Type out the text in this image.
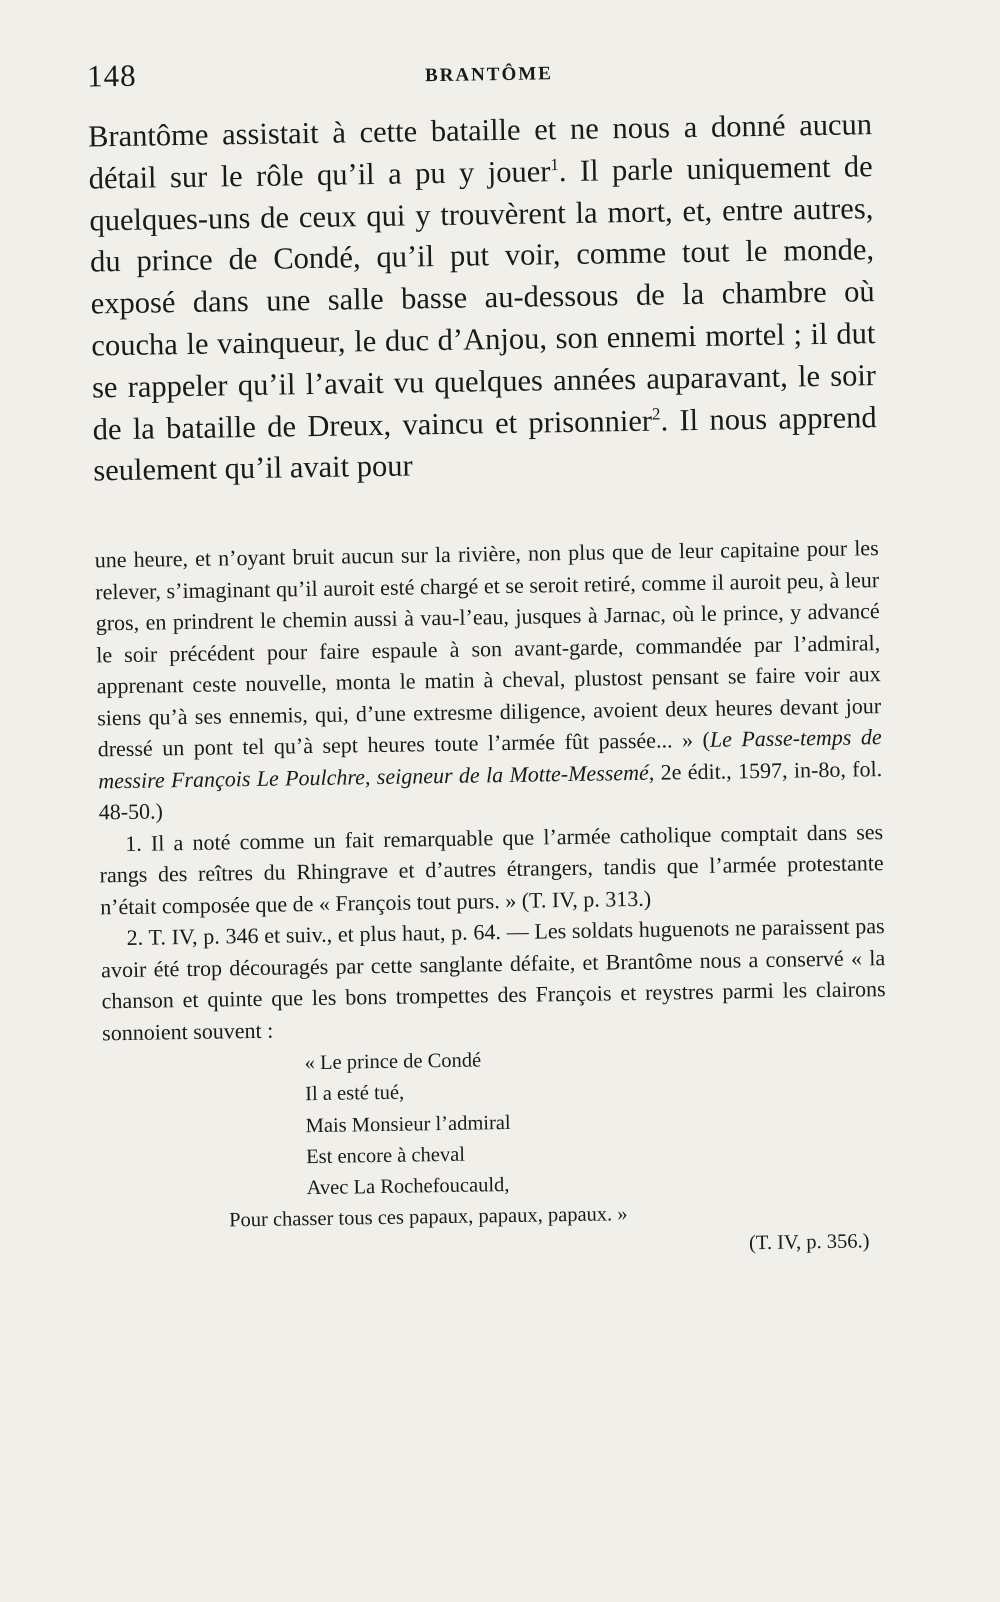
148	BRANTÔME
Brantôme assistait à cette bataille et ne nous a donné aucun détail sur le rôle qu’il a pu y jouer$^1$. Il parle uniquement de quelques-uns de ceux qui y trouvèrent la mort, et, entre autres, du prince de Condé, qu’il put voir, comme tout le monde, exposé dans une salle basse au-dessous de la chambre où coucha le vainqueur, le duc d’Anjou, son ennemi mortel ; il dut se rappeler qu’il l’avait vu quelques années auparavant, le soir de la bataille de Dreux, vaincu et prisonnier$^2$. Il nous apprend seulement qu’il avait pour

une heure, et n’oyant bruit aucun sur la rivière, non plus que de leur capitaine pour les relever, s’imaginant qu’il auroit esté chargé et se seroit retiré, comme il auroit peu, à leur gros, en prindrent le chemin aussi à vau-l’eau, jusques à Jarnac, où le prince, y advancé le soir précédent pour faire espaule à son avant-garde, commandée par l’admiral, apprenant ceste nouvelle, monta le matin à cheval, plustost pensant se faire voir aux siens qu’à ses ennemis, qui, d’une extresme diligence, avoient deux heures devant jour dressé un pont tel qu’à sept heures toute l’armée fût passée... » (Le Passe-temps de messire François Le Poulchre, seigneur de la Motte-Messemé, 2e édit., 1597, in-8o, fol. 48-50.)

1. Il a noté comme un fait remarquable que l’armée catholique comptait dans ses rangs des reîtres du Rhingrave et d’autres étrangers, tandis que l’armée protestante n’était composée que de « François tout purs. » (T. IV, p. 313.)

2. T. IV, p. 346 et suiv., et plus haut, p. 64. — Les soldats huguenots ne paraissent pas avoir été trop découragés par cette sanglante défaite, et Brantôme nous a conservé « la chanson et quinte que les bons trompettes des François et reystres parmi les clairons sonnoient souvent :

« Le prince de Condé
Il a esté tué,
Mais Monsieur l’admiral
Est encore à cheval
Avec La Rochefoucauld,
Pour chasser tous ces papaux, papaux, papaux. »
(T. IV, p. 356.)
